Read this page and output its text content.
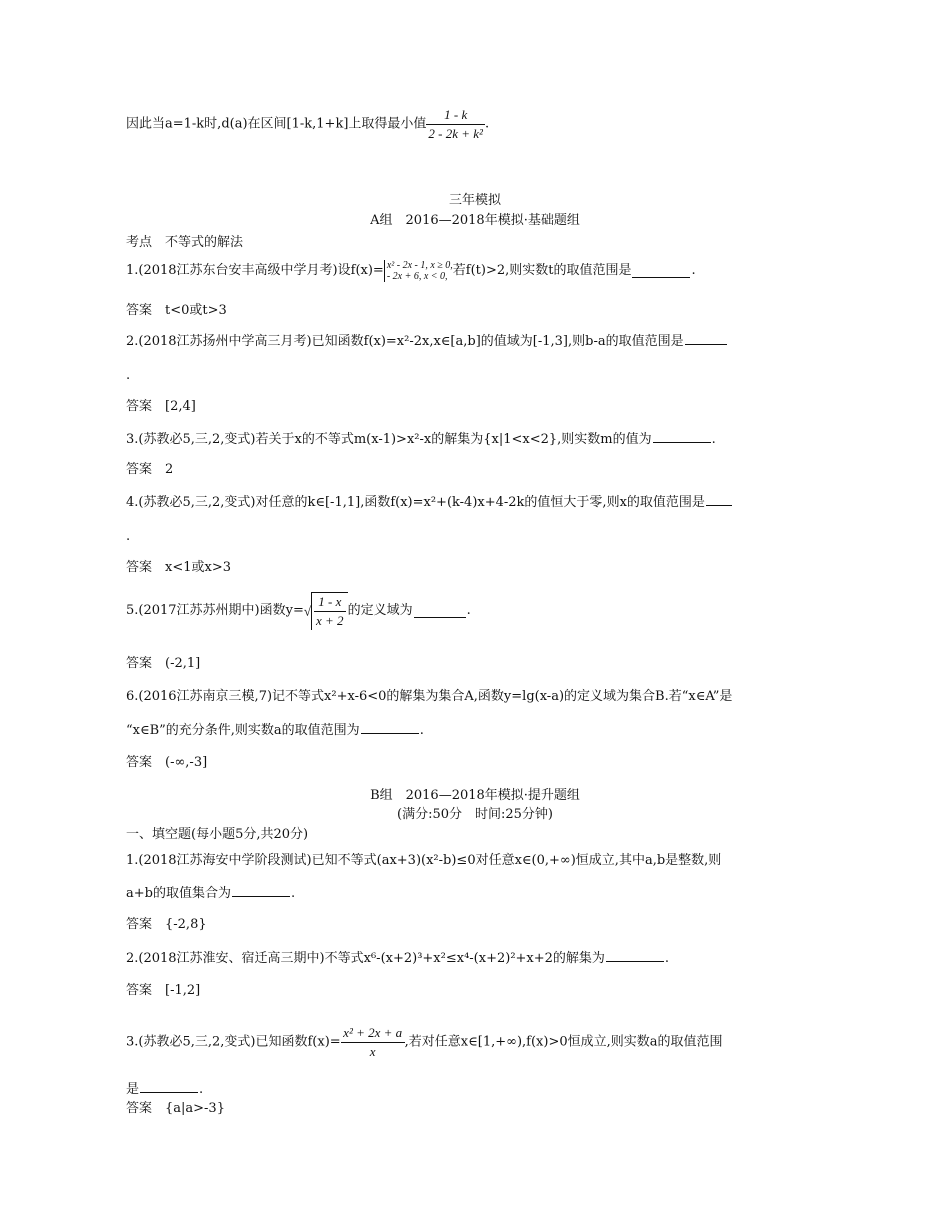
因此当a=1-k时,d(a)在区间[1-k,1+k]上取得最小值 $\frac{1 - k}{\text{2 - 2k + k²}}$ .
三年模拟
A组　2016—2018年模拟·基础题组
考点　不等式的解法
1.(2018江苏东台安丰高级中学月考)设f(x)= x² - 2x - 1, x ≥ 0,
- 2x + 6, x < 0, 若f(t)>2,则实数t的取值范围是	.
答案　t<0或t>3
2.(2018江苏扬州中学高三月考)已知函数f(x)=x²-2x,x∈[a,b]的值域为[-1,3],则b-a的取值范围是
.
答案　[2,4]
3.(苏教必5,三,2,变式)若关于x的不等式m(x-1)>x²-x的解集为{x|1<x<2},则实数m的值为	.
答案　2
4.(苏教必5,三,2,变式)对任意的k∈[-1,1],函数f(x)=x²+(k-4)x+4-2k的值恒大于零,则x的取值范围是
.
答案　x<1或x>3
5.(2017江苏苏州期中)函数$y=√ \frac{1 - x}{x + 2}$ 的定义域为	.
答案　(-2,1]
6.(2016江苏南京三模,7)记不等式x²+x-6<0的解集为集合A,函数y=lg(x-a)的定义域为集合B.若“x∈A”是
“x∈B”的充分条件,则实数a的取值范围为	.
答案　(-∞,-3]
B组　2016—2018年模拟·提升题组
(满分:50分　时间:25分钟)
一、填空题(每小题5分,共20分)
1.(2018江苏海安中学阶段测试)已知不等式(ax+3)(x²-b)≤0对任意x∈(0,+∞)恒成立,其中a,b是整数,则
a+b的取值集合为	.
答案　{-2,8}
2.(2018江苏淮安、宿迁高三期中)不等式x⁶-(x+2)³+x²≤x⁴-(x+2)²+x+2的解集为	.
答案　[-1,2]
3.(苏教必5,三,2,变式)已知函数$f(x)= \frac{\text{x² + 2x + a}}{x}$ ,若对任意x∈[1,+∞),f(x)>0恒成立,则实数a的取值范围
是	.
答案　{a|a>-3}
